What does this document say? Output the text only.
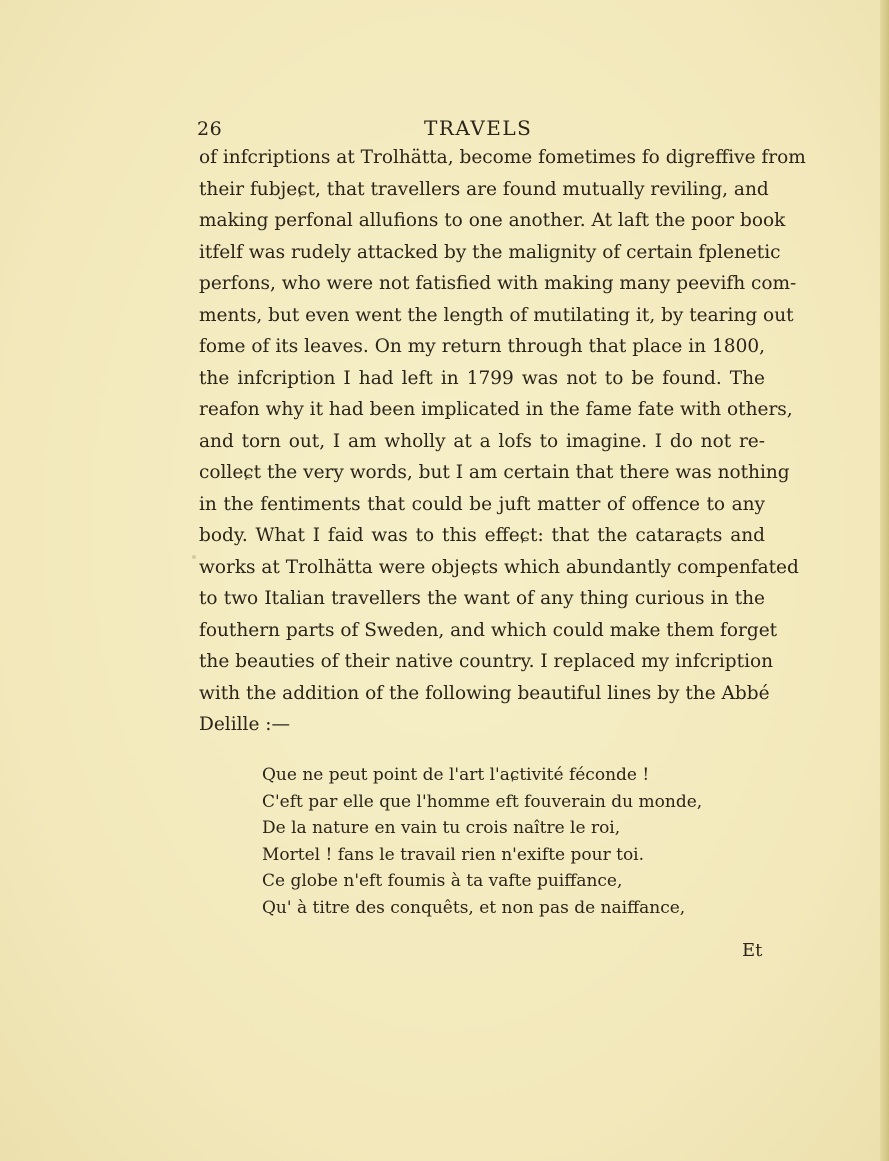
26	TRAVELS
of infcriptions at Trolhätta, become fometimes fo digreffive from
their fubjeɕt, that travellers are found mutually reviling, and
making perfonal allufions to one another. At laft the poor book
itfelf was rudely attacked by the malignity of certain fplenetic
perfons, who were not fatisfied with making many peevifh com-
ments, but even went the length of mutilating it, by tearing out
fome of its leaves. On my return through that place in 1800,
the infcription I had left in 1799 was not to be found. The
reafon why it had been implicated in the fame fate with others,
and torn out, I am wholly at a lofs to imagine. I do not re-
colleɕt the very words, but I am certain that there was nothing
in the fentiments that could be juft matter of offence to any
body. What I faid was to this effeɕt: that the cataraɕts and
works at Trolhätta were objeɕts which abundantly compenfated
to two Italian travellers the want of any thing curious in the
fouthern parts of Sweden, and which could make them forget
the beauties of their native country. I replaced my infcription
with the addition of the following beautiful lines by the Abbé
Delille :—
Que ne peut point de l'art l'aɕtivité féconde !
C'eft par elle que l'homme eft fouverain du monde,
De la nature en vain tu crois naître le roi,
Mortel ! fans le travail rien n'exifte pour toi.
Ce globe n'eft foumis à ta vafte puiffance,
Qu' à titre des conquêts, et non pas de naiffance,
Et
